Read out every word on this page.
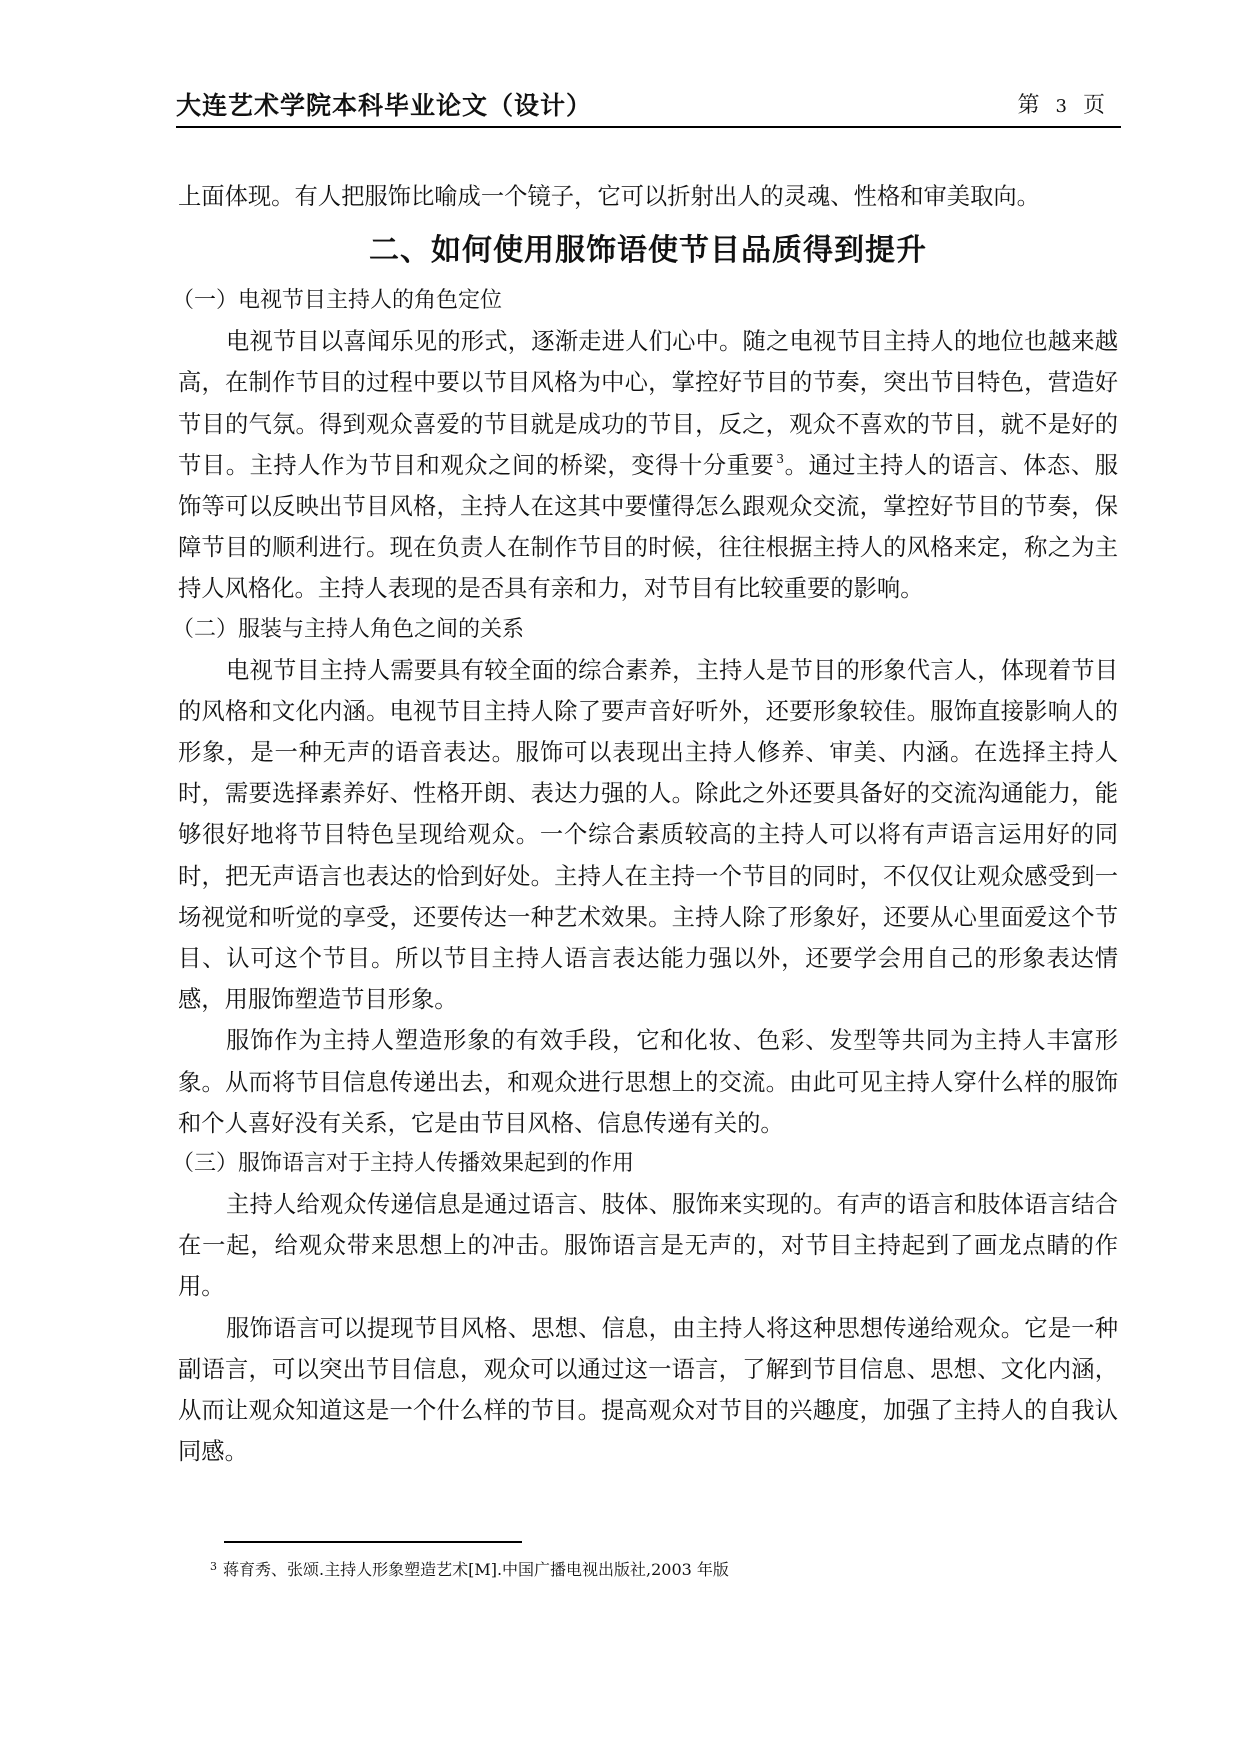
大连艺术学院本科毕业论文（设计）	第 3 页

上面体现。有人把服饰比喻成一个镜子，它可以折射出人的灵魂、性格和审美取向。

二、如何使用服饰语使节目品质得到提升
（一）电视节目主持人的角色定位

电视节目以喜闻乐见的形式，逐渐走进人们心中。随之电视节目主持人的地位也越来越高，在制作节目的过程中要以节目风格为中心，掌控好节目的节奏，突出节目特色，营造好节目的气氛。得到观众喜爱的节目就是成功的节目，反之，观众不喜欢的节目，就不是好的节目。主持人作为节目和观众之间的桥梁，变得十分重要 $^3$。通过主持人的语言、体态、服饰等可以反映出节目风格，主持人在这其中要懂得怎么跟观众交流，掌控好节目的节奏，保障节目的顺利进行。现在负责人在制作节目的时候，往往根据主持人的风格来定，称之为主持人风格化。主持人表现的是否具有亲和力，对节目有比较重要的影响。

（二）服装与主持人角色之间的关系

电视节目主持人需要具有较全面的综合素养，主持人是节目的形象代言人，体现着节目的风格和文化内涵。电视节目主持人除了要声音好听外，还要形象较佳。服饰直接影响人的形象，是一种无声的语音表达。服饰可以表现出主持人修养、审美、内涵。在选择主持人时，需要选择素养好、性格开朗、表达力强的人。除此之外还要具备好的交流沟通能力，能够很好地将节目特色呈现给观众。一个综合素质较高的主持人可以将有声语言运用好的同时，把无声语言也表达的恰到好处。主持人在主持一个节目的同时，不仅仅让观众感受到一场视觉和听觉的享受，还要传达一种艺术效果。主持人除了形象好，还要从心里面爱这个节目、认可这个节目。所以节目主持人语言表达能力强以外，还要学会用自己的形象表达情感，用服饰塑造节目形象。

服饰作为主持人塑造形象的有效手段，它和化妆、色彩、发型等共同为主持人丰富形象。从而将节目信息传递出去，和观众进行思想上的交流。由此可见主持人穿什么样的服饰和个人喜好没有关系，它是由节目风格、信息传递有关的。

（三）服饰语言对于主持人传播效果起到的作用

主持人给观众传递信息是通过语言、肢体、服饰来实现的。有声的语言和肢体语言结合在一起，给观众带来思想上的冲击。服饰语言是无声的，对节目主持起到了画龙点睛的作用。

服饰语言可以提现节目风格、思想、信息，由主持人将这种思想传递给观众。它是一种副语言，可以突出节目信息，观众可以通过这一语言，了解到节目信息、思想、文化内涵，从而让观众知道这是一个什么样的节目。提高观众对节目的兴趣度，加强了主持人的自我认同感。

$^3$ 蒋育秀、张颂.主持人形象塑造艺术[M].中国广播电视出版社,2003 年版
